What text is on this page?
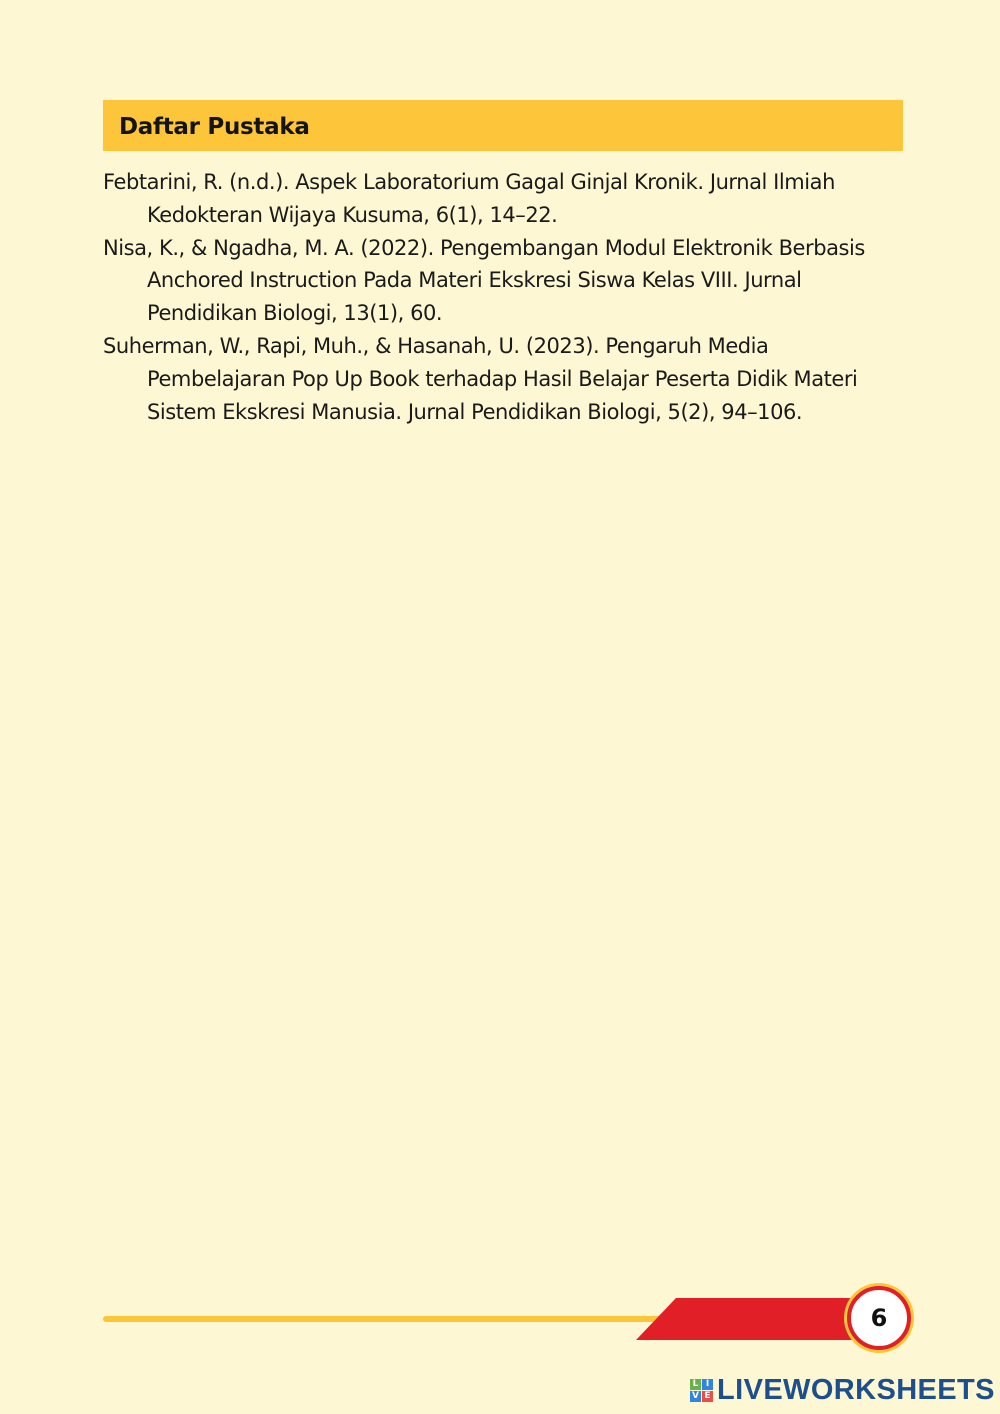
Daftar Pustaka

Febtarini, R. (n.d.). Aspek Laboratorium Gagal Ginjal Kronik. Jurnal Ilmiah Kedokteran Wijaya Kusuma, 6(1), 14–22.

Nisa, K., & Ngadha, M. A. (2022). Pengembangan Modul Elektronik Berbasis Anchored Instruction Pada Materi Ekskresi Siswa Kelas VIII. Jurnal Pendidikan Biologi, 13(1), 60.

Suherman, W., Rapi, Muh., & Hasanah, U. (2023). Pengaruh Media Pembelajaran Pop Up Book terhadap Hasil Belajar Peserta Didik Materi Sistem Ekskresi Manusia. Jurnal Pendidikan Biologi, 5(2), 94–106.

6
L I
V E LIVEWORKSHEETS
